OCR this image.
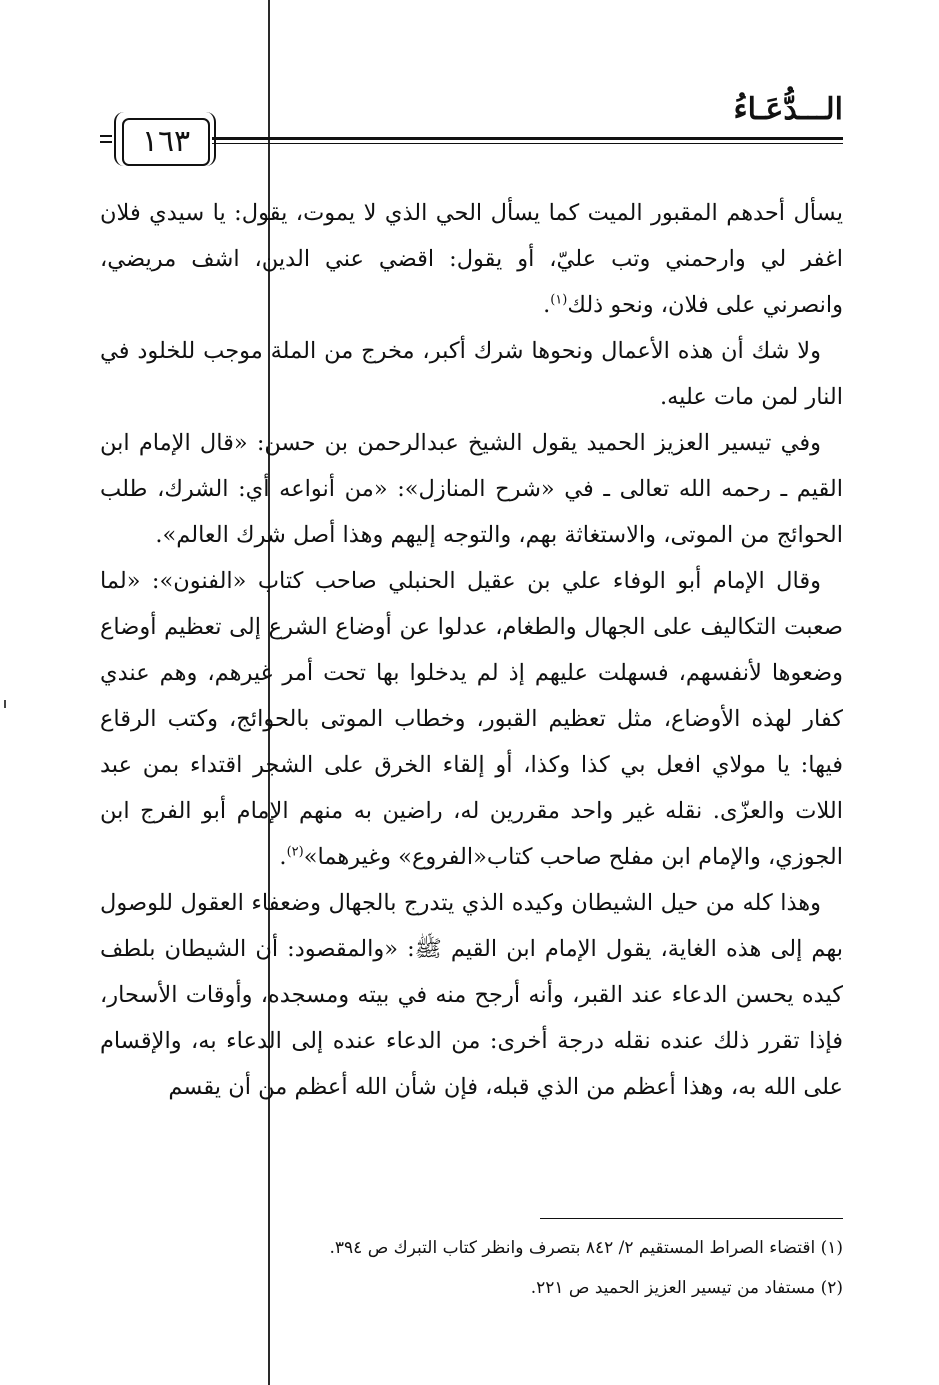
الـــدُّعَـاءُ
١٦٣

يسأل أحدهم المقبور الميت كما يسأل الحي الذي لا يموت، يقول: يا سيدي فلان اغفر لي وارحمني وتب عليّ، أو يقول: اقضي عني الدين، اشف مريضي، وانصرني على فلان، ونحو ذلك$^{(١)}$.

ولا شك أن هذه الأعمال ونحوها شرك أكبر، مخرج من الملة موجب للخلود في النار لمن مات عليه.

وفي تيسير العزيز الحميد يقول الشيخ عبدالرحمن بن حسن: «قال الإمام ابن القيم ـ رحمه الله تعالى ـ في «شرح المنازل»: «من أنواعه أي: الشرك، طلب الحوائج من الموتى، والاستغاثة بهم، والتوجه إليهم وهذا أصل شرك العالم».

وقال الإمام أبو الوفاء علي بن عقيل الحنبلي صاحب كتاب «الفنون»: «لما صعبت التكاليف على الجهال والطغام، عدلوا عن أوضاع الشرع إلى تعظيم أوضاع وضعوها لأنفسهم، فسهلت عليهم إذ لم يدخلوا بها تحت أمر غيرهم، وهم عندي كفار لهذه الأوضاع، مثل تعظيم القبور، وخطاب الموتى بالحوائج، وكتب الرقاع فيها: يا مولاي افعل بي كذا وكذا، أو إلقاء الخرق على الشجر اقتداء بمن عبد اللات والعزّى. نقله غير واحد مقررين له، راضين به منهم الإمام أبو الفرج ابن الجوزي، والإمام ابن مفلح صاحب كتاب«الفروع» وغيرهما»$^{(٢)}$.

وهذا كله من حيل الشيطان وكيده الذي يتدرج بالجهال وضعفاء العقول للوصول بهم إلى هذه الغاية، يقول الإمام ابن القيم ﷺ: «والمقصود: أن الشيطان بلطف كيده يحسن الدعاء عند القبر، وأنه أرجح منه في بيته ومسجده، وأوقات الأسحار، فإذا تقرر ذلك عنده نقله درجة أخرى: من الدعاء عنده إلى الدعاء به، والإقسام على الله به، وهذا أعظم من الذي قبله، فإن شأن الله أعظم من أن يقسم

(١) اقتضاء الصراط المستقيم ٢/ ٨٤٢ بتصرف وانظر كتاب التبرك ص ٣٩٤.
(٢) مستفاد من تيسير العزيز الحميد ص ٢٢١.
